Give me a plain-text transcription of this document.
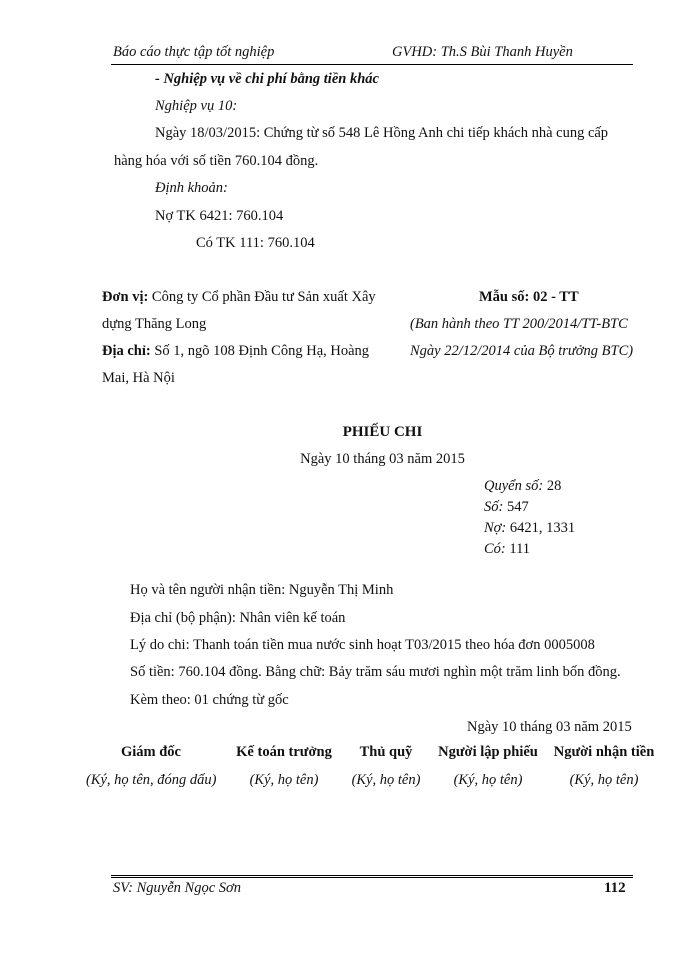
Báo cáo thực tập tốt nghiệp	GVHD: Th.S Bùi Thanh Huyền
- Nghiệp vụ về chi phí bằng tiền khác
Nghiệp vụ 10:
Ngày 18/03/2015: Chứng từ số 548 Lê Hồng Anh chi tiếp khách nhà cung cấp
hàng hóa với số tiền 760.104 đồng.
Định khoản:
Nợ TK 6421: 760.104
Có TK 111: 760.104
Đơn vị: Công ty Cổ phần Đầu tư Sản xuất Xây
dựng Thăng Long
Địa chỉ: Số 1, ngõ 108 Định Công Hạ, Hoàng
Mai, Hà Nội
Mẫu số: 02 - TT
(Ban hành theo TT 200/2014/TT-BTC
Ngày 22/12/2014 của Bộ trưởng BTC)
PHIẾU CHI
Ngày 10 tháng 03 năm 2015
Quyển số: 28
Số: 547
Nợ: 6421, 1331
Có: 111
Họ và tên người nhận tiền: Nguyễn Thị Minh
Địa chỉ (bộ phận): Nhân viên kế toán
Lý do chi: Thanh toán tiền mua nước sinh hoạt T03/2015 theo hóa đơn 0005008
Số tiền: 760.104 đồng. Bằng chữ: Bảy trăm sáu mươi nghìn một trăm linh bốn đồng.
Kèm theo: 01 chứng từ gốc
Ngày 10 tháng 03 năm 2015
Giám đốc
(Ký, họ tên, đóng dấu)
Kế toán trưởng
(Ký, họ tên)
Thủ quỹ
(Ký, họ tên)
Người lập phiếu
(Ký, họ tên)
Người nhận tiền
(Ký, họ tên)
SV: Nguyễn Ngọc Sơn	112
